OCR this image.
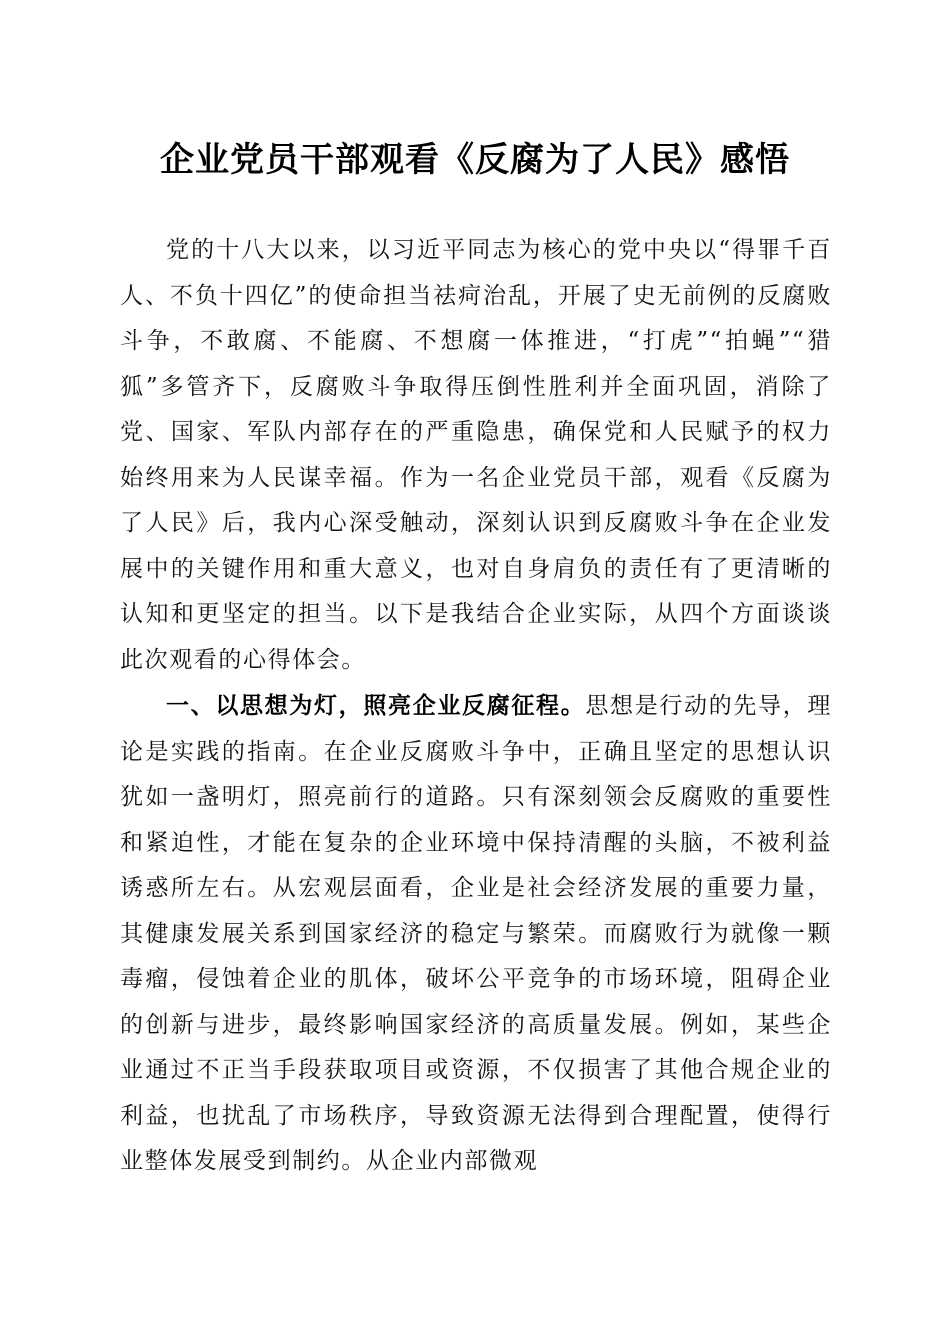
企业党员干部观看《反腐为了人民》感悟

党的十八大以来，以习近平同志为核心的党中央以“得罪千百人、不负十四亿”的使命担当祛疴治乱，开展了史无前例的反腐败斗争，不敢腐、不能腐、不想腐一体推进，“打虎”“拍蝇”“猎狐”多管齐下，反腐败斗争取得压倒性胜利并全面巩固，消除了党、国家、军队内部存在的严重隐患，确保党和人民赋予的权力始终用来为人民谋幸福。作为一名企业党员干部，观看《反腐为了人民》后，我内心深受触动，深刻认识到反腐败斗争在企业发展中的关键作用和重大意义，也对自身肩负的责任有了更清晰的认知和更坚定的担当。以下是我结合企业实际，从四个方面谈谈此次观看的心得体会。

一、以思想为灯，照亮企业反腐征程。思想是行动的先导，理论是实践的指南。在企业反腐败斗争中，正确且坚定的思想认识犹如一盏明灯，照亮前行的道路。只有深刻领会反腐败的重要性和紧迫性，才能在复杂的企业环境中保持清醒的头脑，不被利益诱惑所左右。从宏观层面看，企业是社会经济发展的重要力量，其健康发展关系到国家经济的稳定与繁荣。而腐败行为就像一颗毒瘤，侵蚀着企业的肌体，破坏公平竞争的市场环境，阻碍企业的创新与进步，最终影响国家经济的高质量发展。例如，某些企业通过不正当手段获取项目或资源，不仅损害了其他合规企业的利益，也扰乱了市场秩序，导致资源无法得到合理配置，使得行业整体发展受到制约。从企业内部微观
